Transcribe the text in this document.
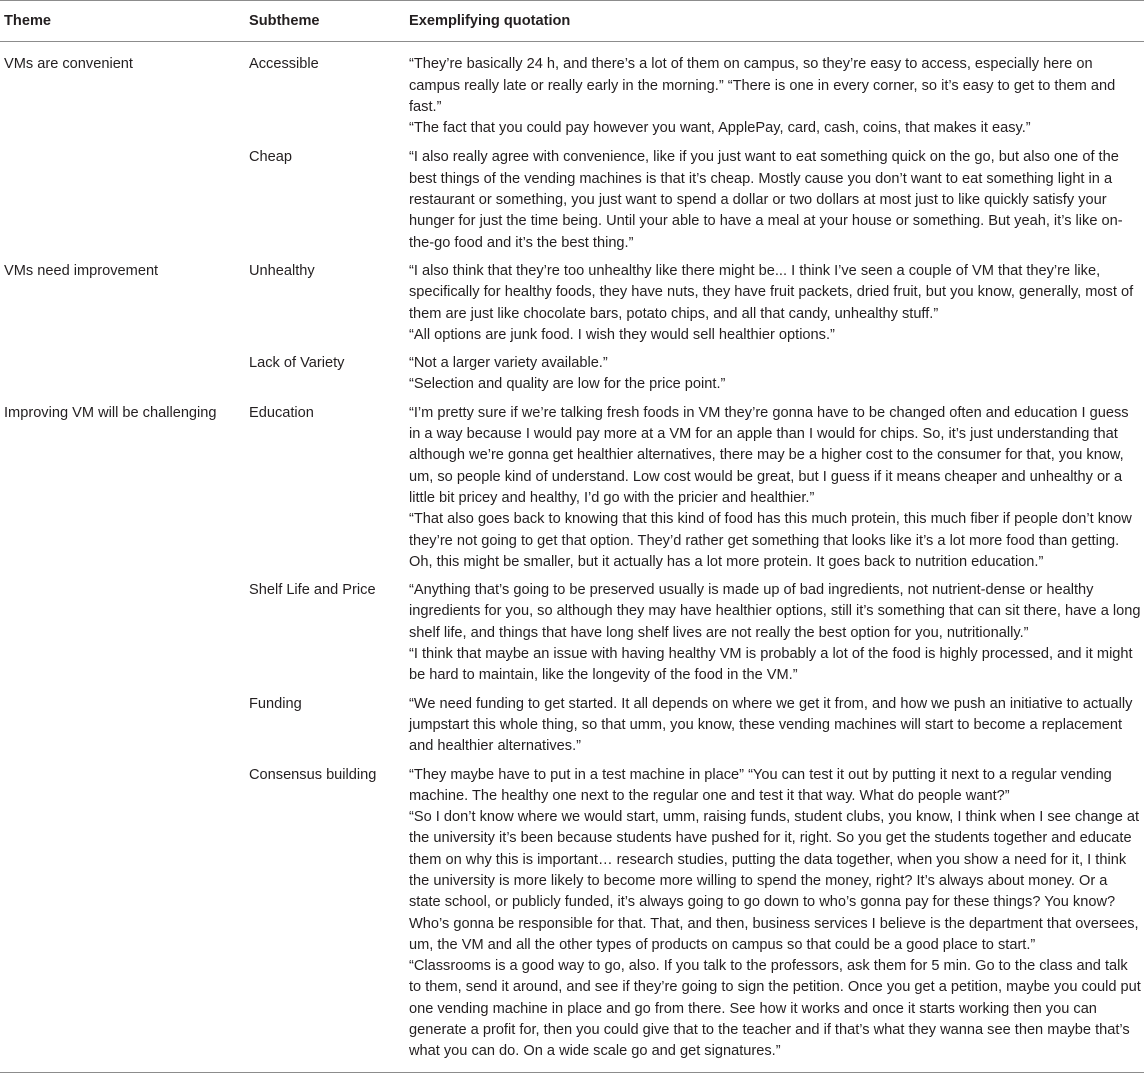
Theme	Subtheme	Exemplifying quotation
VMs are convenient	Accessible	“They’re basically 24 h, and there’s a lot of them on campus, so they’re easy to access, especially here on campus really late or really early in the morning.” “There is one in every corner, so it’s easy to get to them and fast.”
“The fact that you could pay however you want, ApplePay, card, cash, coins, that makes it easy.”

	Cheap	“I also really agree with convenience, like if you just want to eat something quick on the go, but also one of the best things of the vending machines is that it’s cheap. Mostly cause you don’t want to eat something light in a restaurant or something, you just want to spend a dollar or two dollars at most just to like quickly satisfy your hunger for just the time being. Until your able to have a meal at your house or something. But yeah, it’s like on-the-go food and it’s the best thing.”

VMs need improvement	Unhealthy	“I also think that they’re too unhealthy like there might be... I think I’ve seen a couple of VM that they’re like, specifically for healthy foods, they have nuts, they have fruit packets, dried fruit, but you know, generally, most of them are just like chocolate bars, potato chips, and all that candy, unhealthy stuff.”
“All options are junk food. I wish they would sell healthier options.”

	Lack of Variety	“Not a larger variety available.”
“Selection and quality are low for the price point.”

Improving VM will be challenging	Education	“I’m pretty sure if we’re talking fresh foods in VM they’re gonna have to be changed often and education I guess in a way because I would pay more at a VM for an apple than I would for chips. So, it’s just understanding that although we’re gonna get healthier alternatives, there may be a higher cost to the consumer for that, you know, um, so people kind of understand. Low cost would be great, but I guess if it means cheaper and unhealthy or a little bit pricey and healthy, I’d go with the pricier and healthier.”
“That also goes back to knowing that this kind of food has this much protein, this much fiber if people don’t know they’re not going to get that option. They’d rather get something that looks like it’s a lot more food than getting. Oh, this might be smaller, but it actually has a lot more protein. It goes back to nutrition education.”

	Shelf Life and Price	“Anything that’s going to be preserved usually is made up of bad ingredients, not nutrient-dense or healthy ingredients for you, so although they may have healthier options, still it’s something that can sit there, have a long shelf life, and things that have long shelf lives are not really the best option for you, nutritionally.”
“I think that maybe an issue with having healthy VM is probably a lot of the food is highly processed, and it might be hard to maintain, like the longevity of the food in the VM.”

	Funding	“We need funding to get started. It all depends on where we get it from, and how we push an initiative to actually jumpstart this whole thing, so that umm, you know, these vending machines will start to become a replacement and healthier alternatives.”

	Consensus building	“They maybe have to put in a test machine in place” “You can test it out by putting it next to a regular vending machine. The healthy one next to the regular one and test it that way. What do people want?”
“So I don’t know where we would start, umm, raising funds, student clubs, you know, I think when I see change at the university it’s been because students have pushed for it, right. So you get the students together and educate them on why this is important… research studies, putting the data together, when you show a need for it, I think the university is more likely to become more willing to spend the money, right? It’s always about money. Or a state school, or publicly funded, it’s always going to go down to who’s gonna pay for these things? You know? Who’s gonna be responsible for that. That, and then, business services I believe is the department that oversees, um, the VM and all the other types of products on campus so that could be a good place to start.”
“Classrooms is a good way to go, also. If you talk to the professors, ask them for 5 min. Go to the class and talk to them, send it around, and see if they’re going to sign the petition. Once you get a petition, maybe you could put one vending machine in place and go from there. See how it works and once it starts working then you can generate a profit for, then you could give that to the teacher and if that’s what they wanna see then maybe that’s what you can do. On a wide scale go and get signatures.”
